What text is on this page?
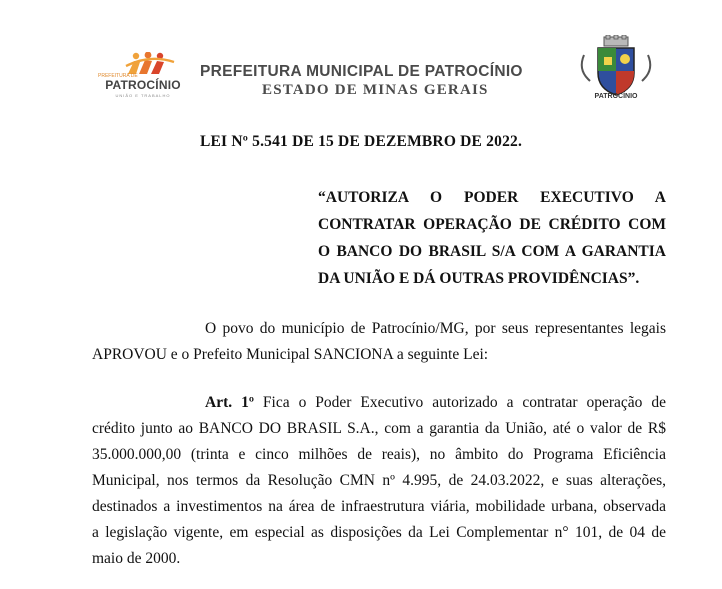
PREFEITURA DE
PATROCÍNIO
UNIÃO E TRABALHO
PREFEITURA MUNICIPAL DE PATROCÍNIO
ESTADO DE MINAS GERAIS	PATROCÍNIO
LEI Nº 5.541 DE 15 DE DEZEMBRO DE 2022.
“AUTORIZA O PODER EXECUTIVO A
CONTRATAR OPERAÇÃO DE CRÉDITO COM
O BANCO DO BRASIL S/A COM A GARANTIA
DA UNIÃO E DÁ OUTRAS PROVIDÊNCIAS”.
O povo do município de Patrocínio/MG, por seus representantes legais
APROVOU e o Prefeito Municipal SANCIONA a seguinte Lei:
Art. 1º Fica o Poder Executivo autorizado a contratar operação de
crédito junto ao BANCO DO BRASIL S.A., com a garantia da União, até o valor de R$
35.000.000,00 (trinta e cinco milhões de reais), no âmbito do Programa Eficiência
Municipal, nos termos da Resolução CMN nº 4.995, de 24.03.2022, e suas alterações,
destinados a investimentos na área de infraestrutura viária, mobilidade urbana, observada
a legislação vigente, em especial as disposições da Lei Complementar n° 101, de 04 de
maio de 2000.
